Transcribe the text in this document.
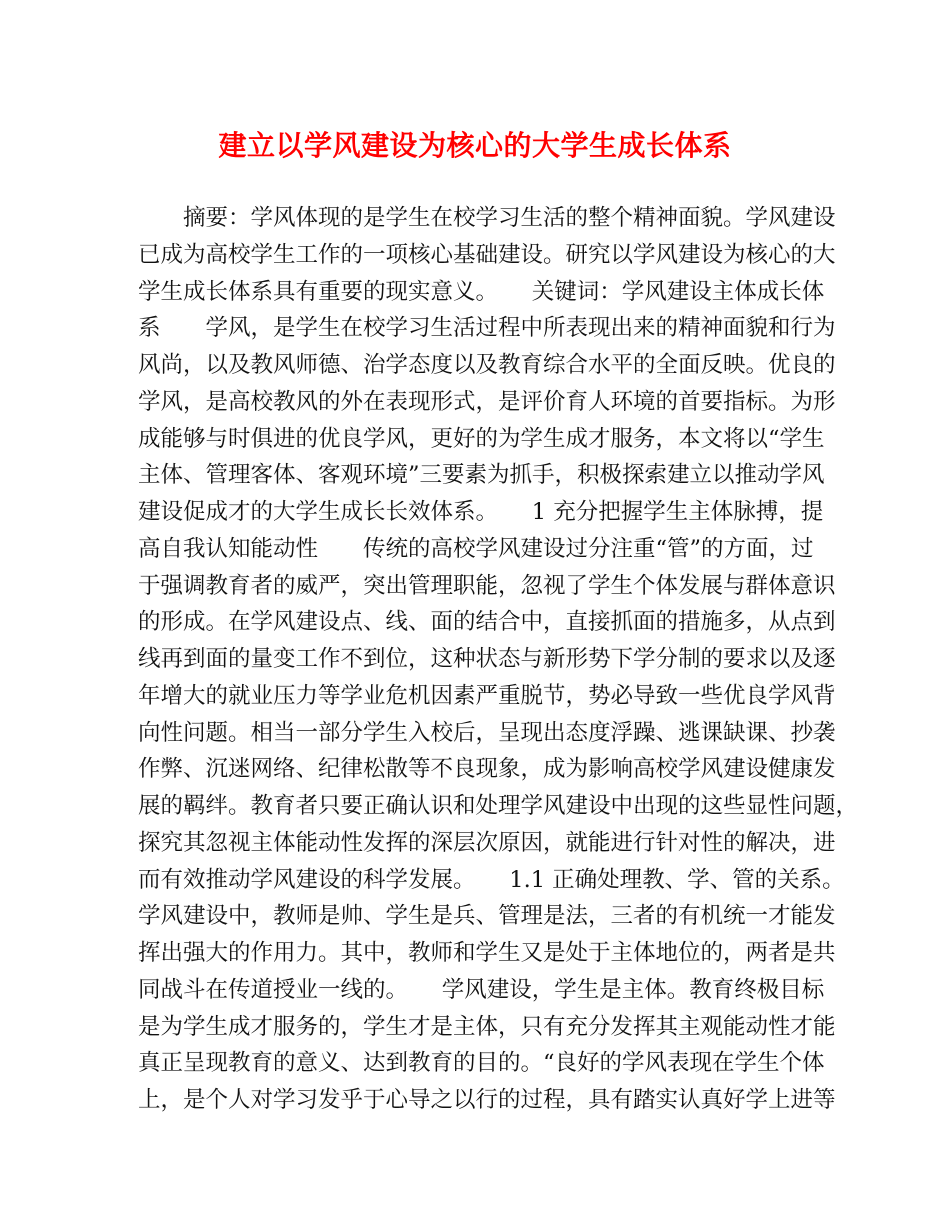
建立以学风建设为核心的大学生成长体系
　　摘要：学风体现的是学生在校学习生活的整个精神面貌。学风建设
已成为高校学生工作的一项核心基础建设。研究以学风建设为核心的大
学生成长体系具有重要的现实意义。　　关键词：学风建设主体成长体
系　　学风，是学生在校学习生活过程中所表现出来的精神面貌和行为
风尚，以及教风师德、治学态度以及教育综合水平的全面反映。优良的
学风，是高校教风的外在表现形式，是评价育人环境的首要指标。为形
成能够与时俱进的优良学风，更好的为学生成才服务，本文将以“学生
主体、管理客体、客观环境”三要素为抓手，积极探索建立以推动学风
建设促成才的大学生成长长效体系。　　1 充分把握学生主体脉搏，提
高自我认知能动性　　传统的高校学风建设过分注重“管”的方面，过
于强调教育者的威严，突出管理职能，忽视了学生个体发展与群体意识
的形成。在学风建设点、线、面的结合中，直接抓面的措施多，从点到
线再到面的量变工作不到位，这种状态与新形势下学分制的要求以及逐
年增大的就业压力等学业危机因素严重脱节，势必导致一些优良学风背
向性问题。相当一部分学生入校后，呈现出态度浮躁、逃课缺课、抄袭
作弊、沉迷网络、纪律松散等不良现象，成为影响高校学风建设健康发
展的羁绊。教育者只要正确认识和处理学风建设中出现的这些显性问题，
探究其忽视主体能动性发挥的深层次原因，就能进行针对性的解决，进
而有效推动学风建设的科学发展。　　1.1 正确处理教、学、管的关系。
学风建设中，教师是帅、学生是兵、管理是法，三者的有机统一才能发
挥出强大的作用力。其中，教师和学生又是处于主体地位的，两者是共
同战斗在传道授业一线的。　　学风建设，学生是主体。教育终极目标
是为学生成才服务的，学生才是主体，只有充分发挥其主观能动性才能
真正呈现教育的意义、达到教育的目的。“良好的学风表现在学生个体
上，是个人对学习发乎于心导之以行的过程，具有踏实认真好学上进等
